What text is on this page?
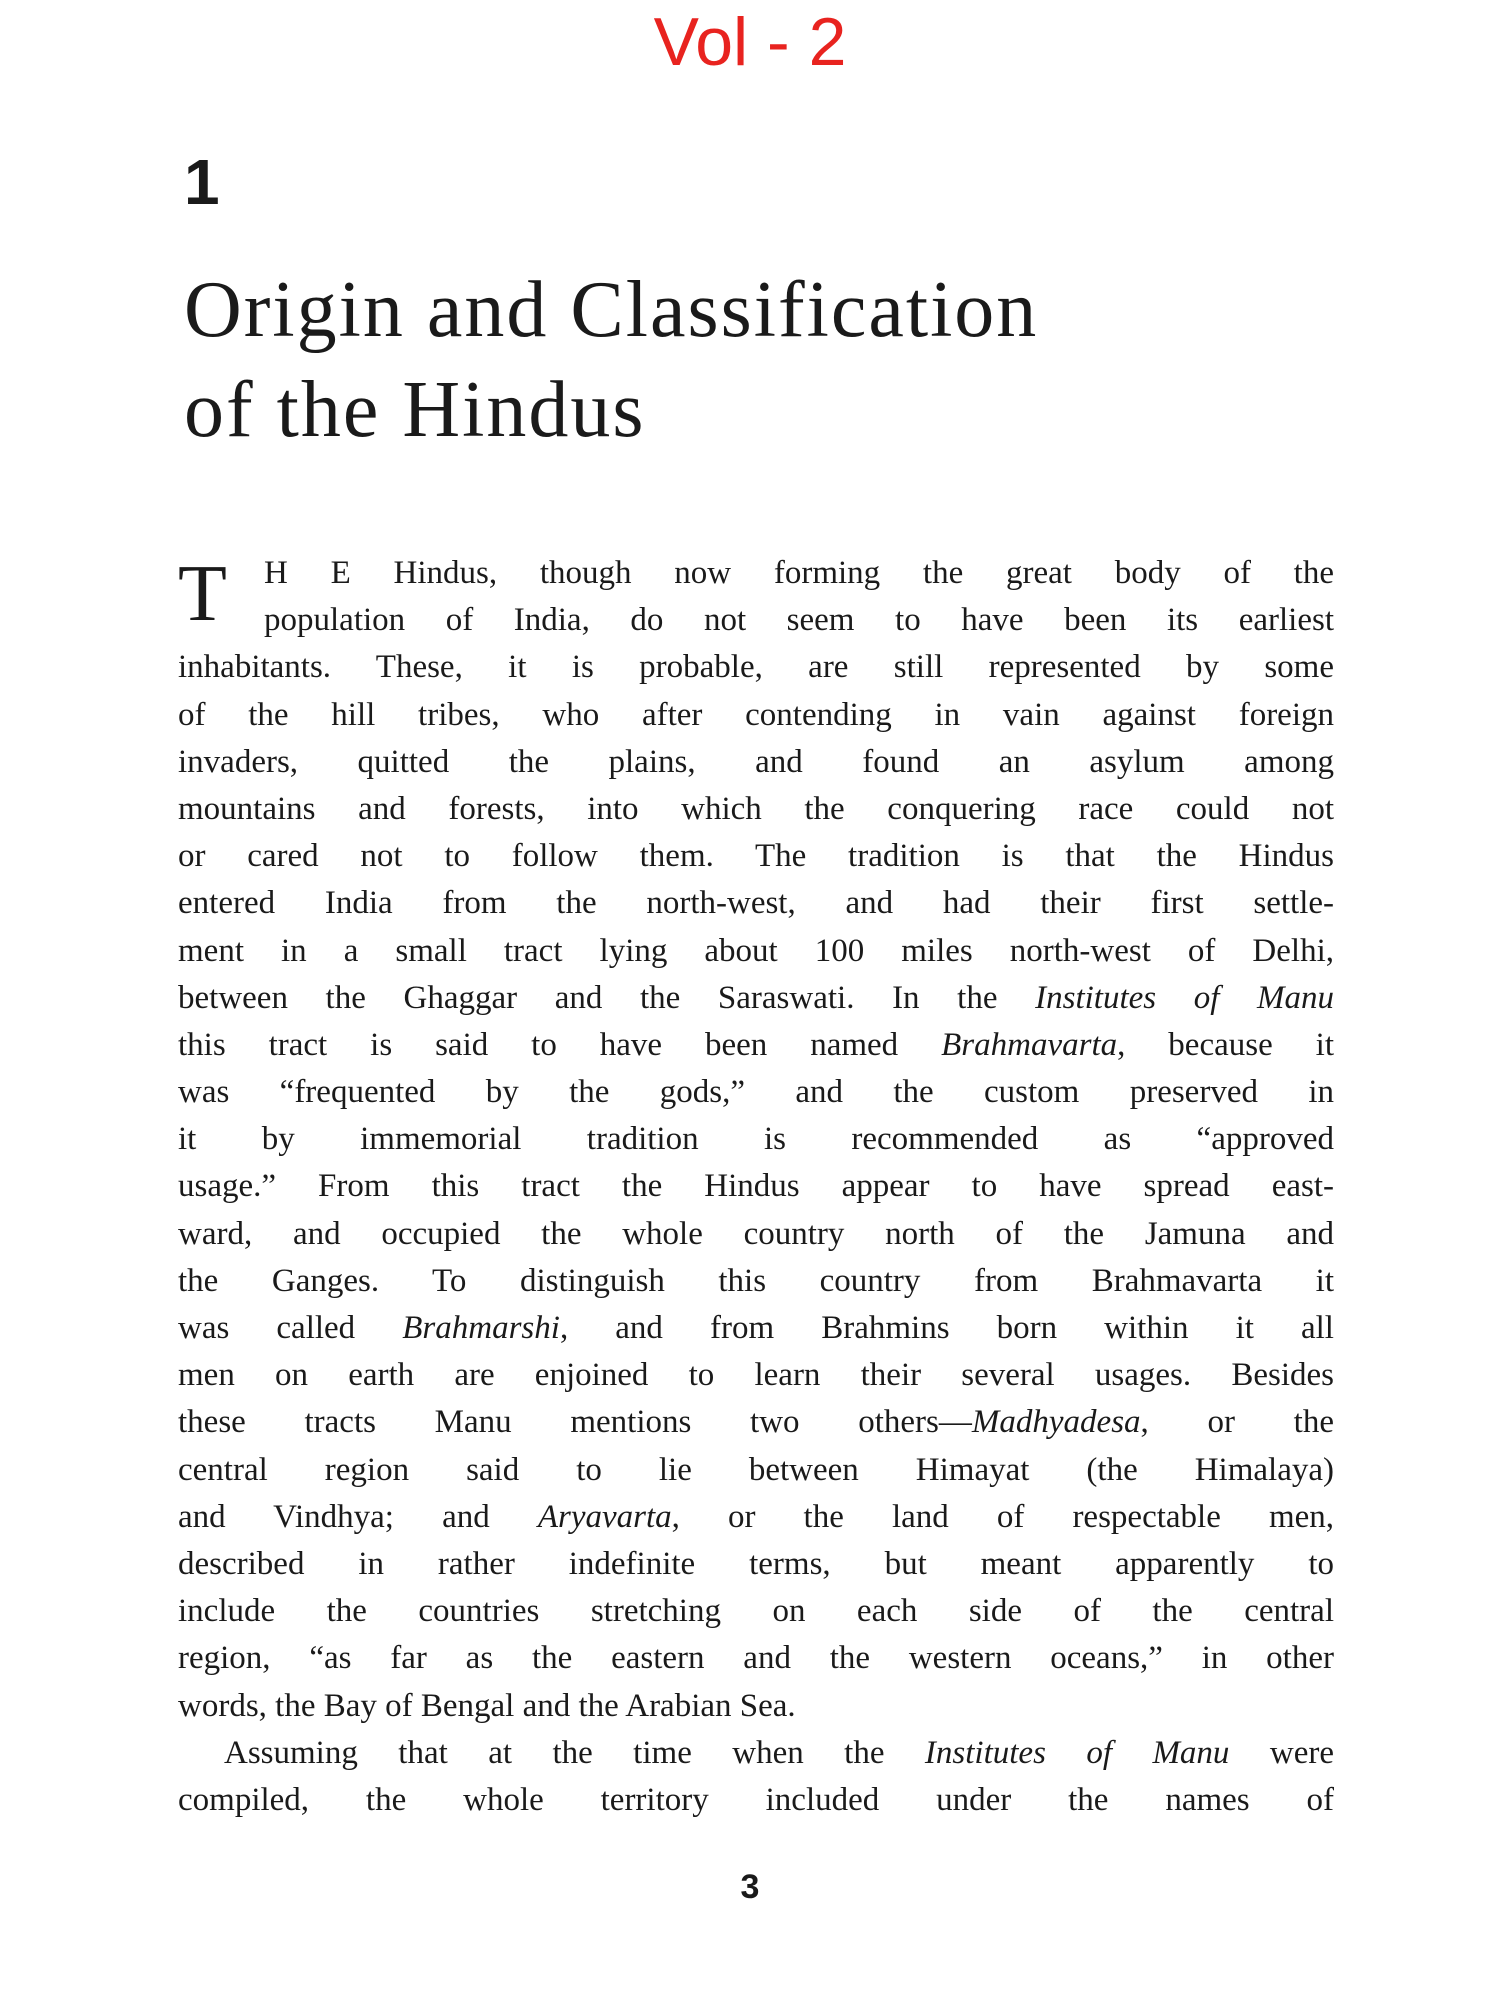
Vol - 2
1
Origin and Classification
of the Hindus
T	H E Hindus, though now forming the great body of the
population of India, do not seem to have been its earliest
inhabitants. These, it is probable, are still represented by some
of the hill tribes, who after contending in vain against foreign
invaders, quitted the plains, and found an asylum among
mountains and forests, into which the conquering race could not
or cared not to follow them. The tradition is that the Hindus
entered India from the north-west, and had their first settle-
ment in a small tract lying about 100 miles north-west of Delhi,
between the Ghaggar and the Saraswati. In the Institutes of Manu
this tract is said to have been named Brahmavarta, because it
was “frequented by the gods,” and the custom preserved in
it by immemorial tradition is recommended as “approved
usage.” From this tract the Hindus appear to have spread east-
ward, and occupied the whole country north of the Jamuna and
the Ganges. To distinguish this country from Brahmavarta it
was called Brahmarshi, and from Brahmins born within it all
men on earth are enjoined to learn their several usages. Besides
these tracts Manu mentions two others—Madhyadesa, or the
central region said to lie between Himayat (the Himalaya)
and Vindhya; and Aryavarta, or the land of respectable men,
described in rather indefinite terms, but meant apparently to
include the countries stretching on each side of the central
region, “as far as the eastern and the western oceans,” in other
words, the Bay of Bengal and the Arabian Sea.
Assuming that at the time when the Institutes of Manu were
compiled, the whole territory included under the names of
3
